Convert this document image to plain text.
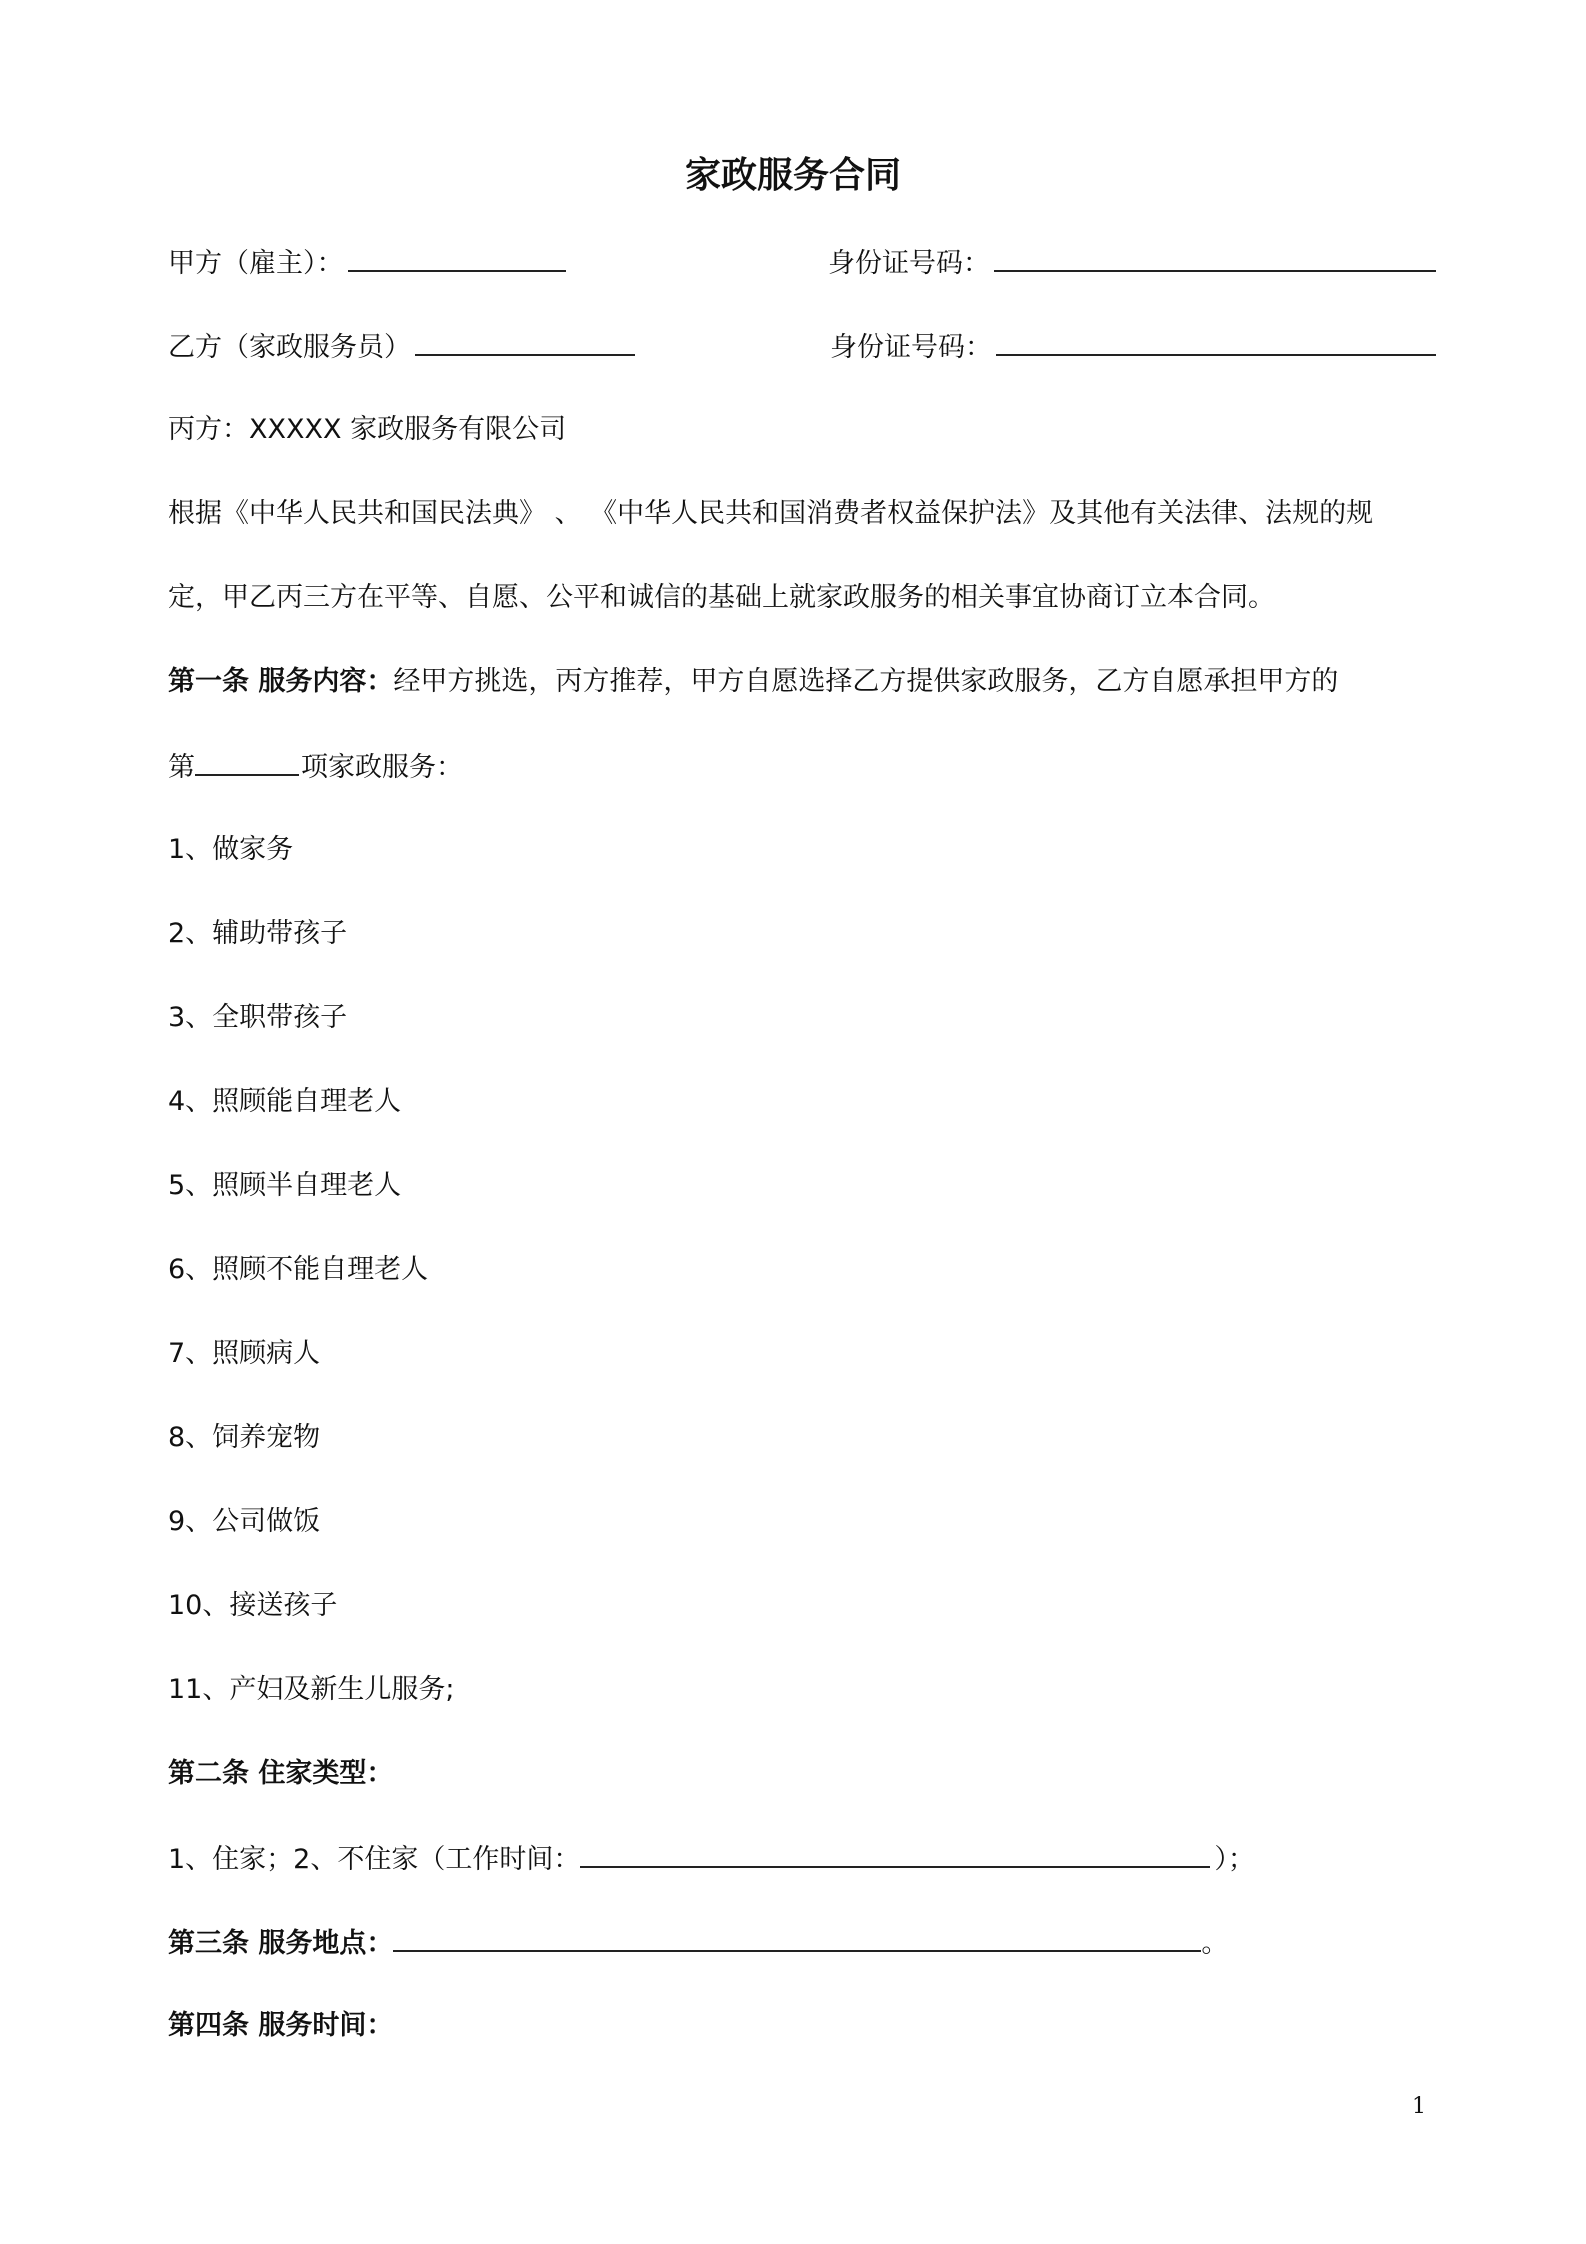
家政服务合同
甲方（雇主）：	身份证号码：
乙方（家政服务员）	身份证号码：
丙方：XXXXX 家政服务有限公司
根据《中华人民共和国民法典》 、 《中华人民共和国消费者权益保护法》及其他有关法律、法规的规
定，甲乙丙三方在平等、自愿、公平和诚信的基础上就家政服务的相关事宜协商订立本合同。
第一条 服务内容：经甲方挑选，丙方推荐，甲方自愿选择乙方提供家政服务，乙方自愿承担甲方的
第	项家政服务：
1、做家务
2、辅助带孩子
3、全职带孩子
4、照顾能自理老人
5、照顾半自理老人
6、照顾不能自理老人
7、照顾病人
8、饲养宠物
9、公司做饭
10、接送孩子
11、产妇及新生儿服务;
第二条 住家类型：
1、住家；2、不住家（工作时间：	）；
第三条 服务地点：	。
第四条 服务时间：
1
